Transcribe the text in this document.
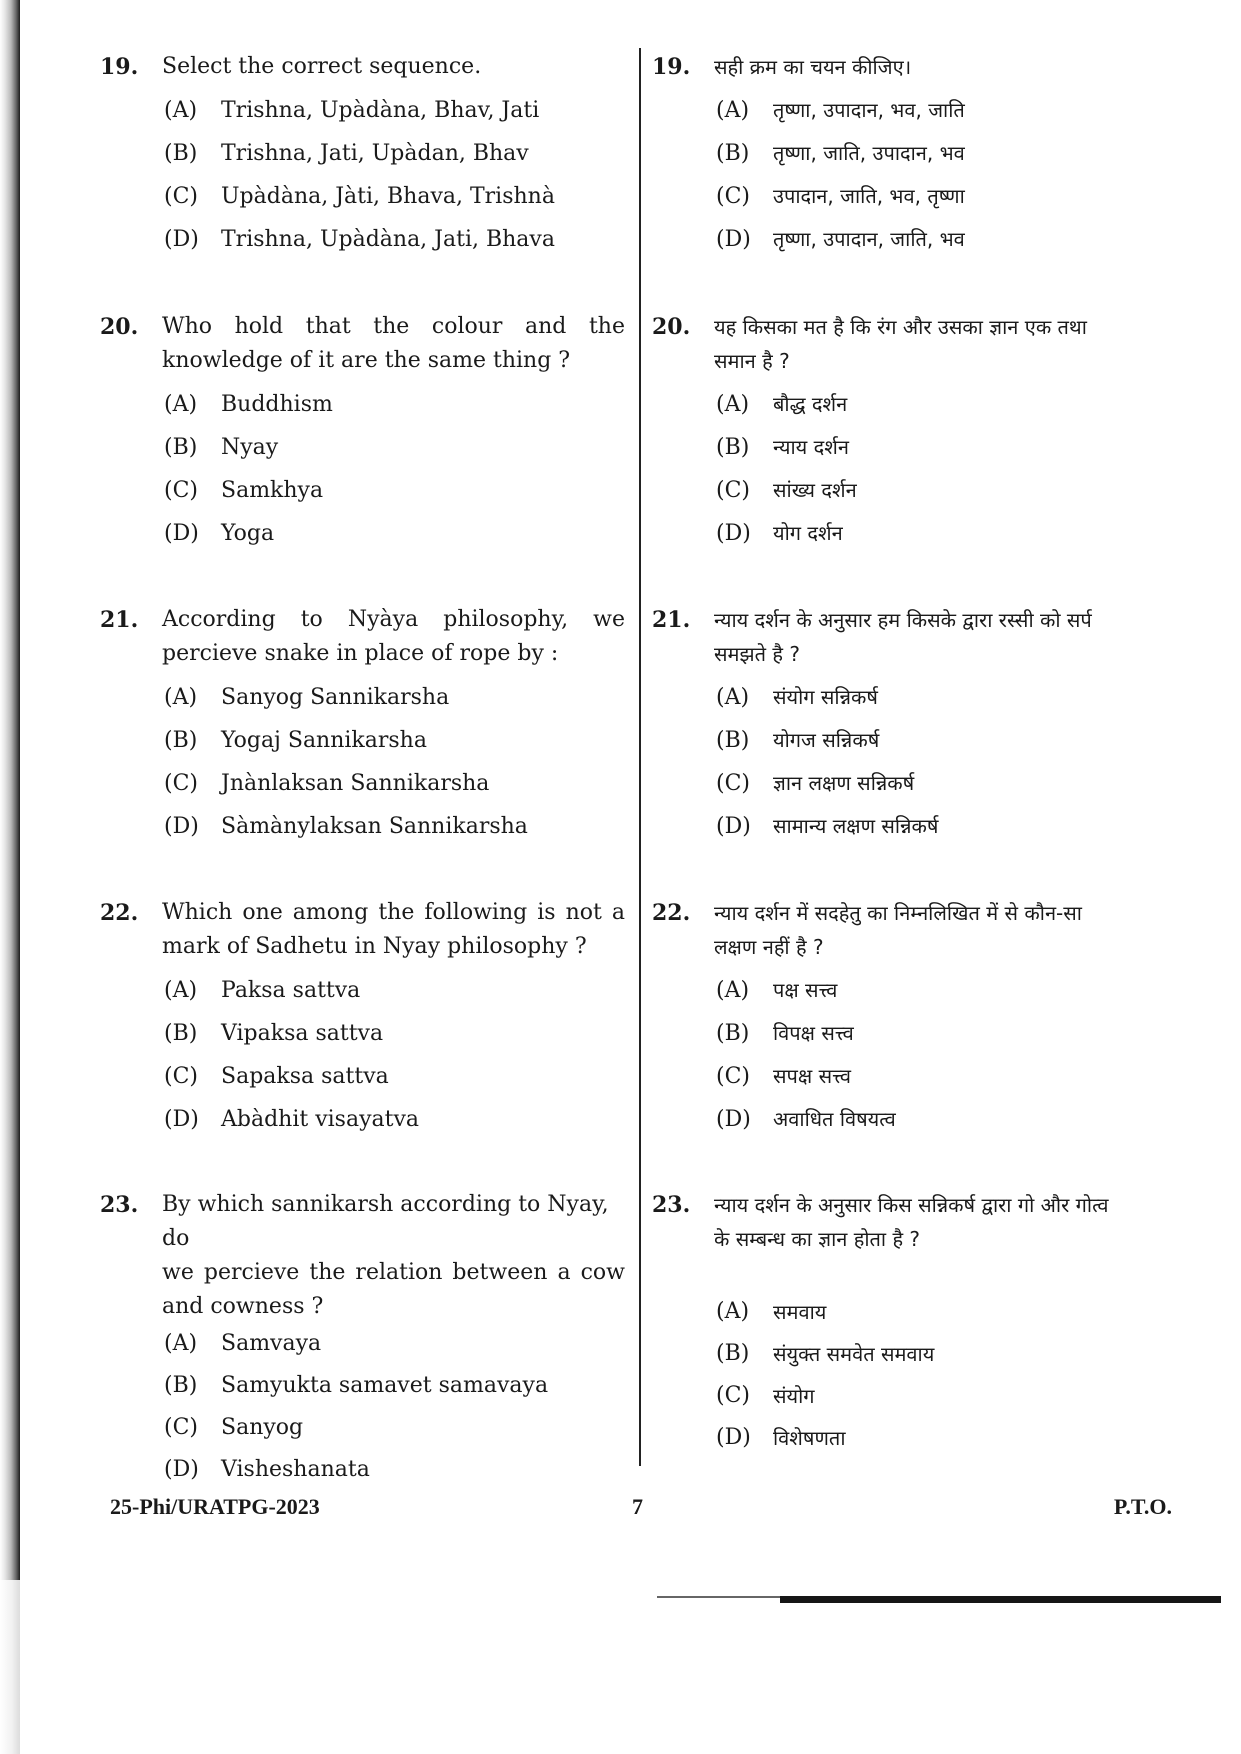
19.	Select the correct sequence.
(A)	Trishna, Upàdàna, Bhav, Jati
(B)	Trishna, Jati, Upàdan, Bhav
(C)	Upàdàna, Jàti, Bhava, Trishnà
(D)	Trishna, Upàdàna, Jati, Bhava
20.	Who hold that the colour and the
knowledge of it are the same thing ?
(A)	Buddhism
(B)	Nyay
(C)	Samkhya
(D)	Yoga
21.	According to Nyàya philosophy, we
percieve snake in place of rope by :
(A)	Sanyog Sannikarsha
(B)	Yogaj Sannikarsha
(C)	Jnànlaksan Sannikarsha
(D)	Sàmànylaksan Sannikarsha
22.	Which one among the following is not a
mark of Sadhetu in Nyay philosophy ?
(A)	Paksa sattva
(B)	Vipaksa sattva
(C)	Sapaksa sattva
(D)	Abàdhit visayatva
23.	By which sannikarsh according to Nyay, do
we percieve the relation between a cow
and cowness ?
(A)	Samvaya
(B)	Samyukta samavet samavaya
(C)	Sanyog
(D)	Visheshanata
19.	सही क्रम का चयन कीजिए।
(A)	तृष्णा, उपादान, भव, जाति
(B)	तृष्णा, जाति, उपादान, भव
(C)	उपादान, जाति, भव, तृष्णा
(D)	तृष्णा, उपादान, जाति, भव
20.	यह किसका मत है कि रंग और उसका ज्ञान एक तथा
समान है ?
(A)	बौद्ध दर्शन
(B)	न्याय दर्शन
(C)	सांख्य दर्शन
(D)	योग दर्शन
21.	न्याय दर्शन के अनुसार हम किसके द्वारा रस्सी को सर्प
समझते है ?
(A)	संयोग सन्निकर्ष
(B)	योगज सन्निकर्ष
(C)	ज्ञान लक्षण सन्निकर्ष
(D)	सामान्य लक्षण सन्निकर्ष
22.	न्याय दर्शन में सदहेतु का निम्नलिखित में से कौन-सा
लक्षण नहीं है ?
(A)	पक्ष सत्त्व
(B)	विपक्ष सत्त्व
(C)	सपक्ष सत्त्व
(D)	अवाधित विषयत्व
23.	न्याय दर्शन के अनुसार किस सन्निकर्ष द्वारा गो और गोत्व
के सम्बन्ध का ज्ञान होता है ?
(A)	समवाय
(B)	संयुक्त समवेत समवाय
(C)	संयोग
(D)	विशेषणता
25-Phi/URATPG-2023	7	P.T.O.
